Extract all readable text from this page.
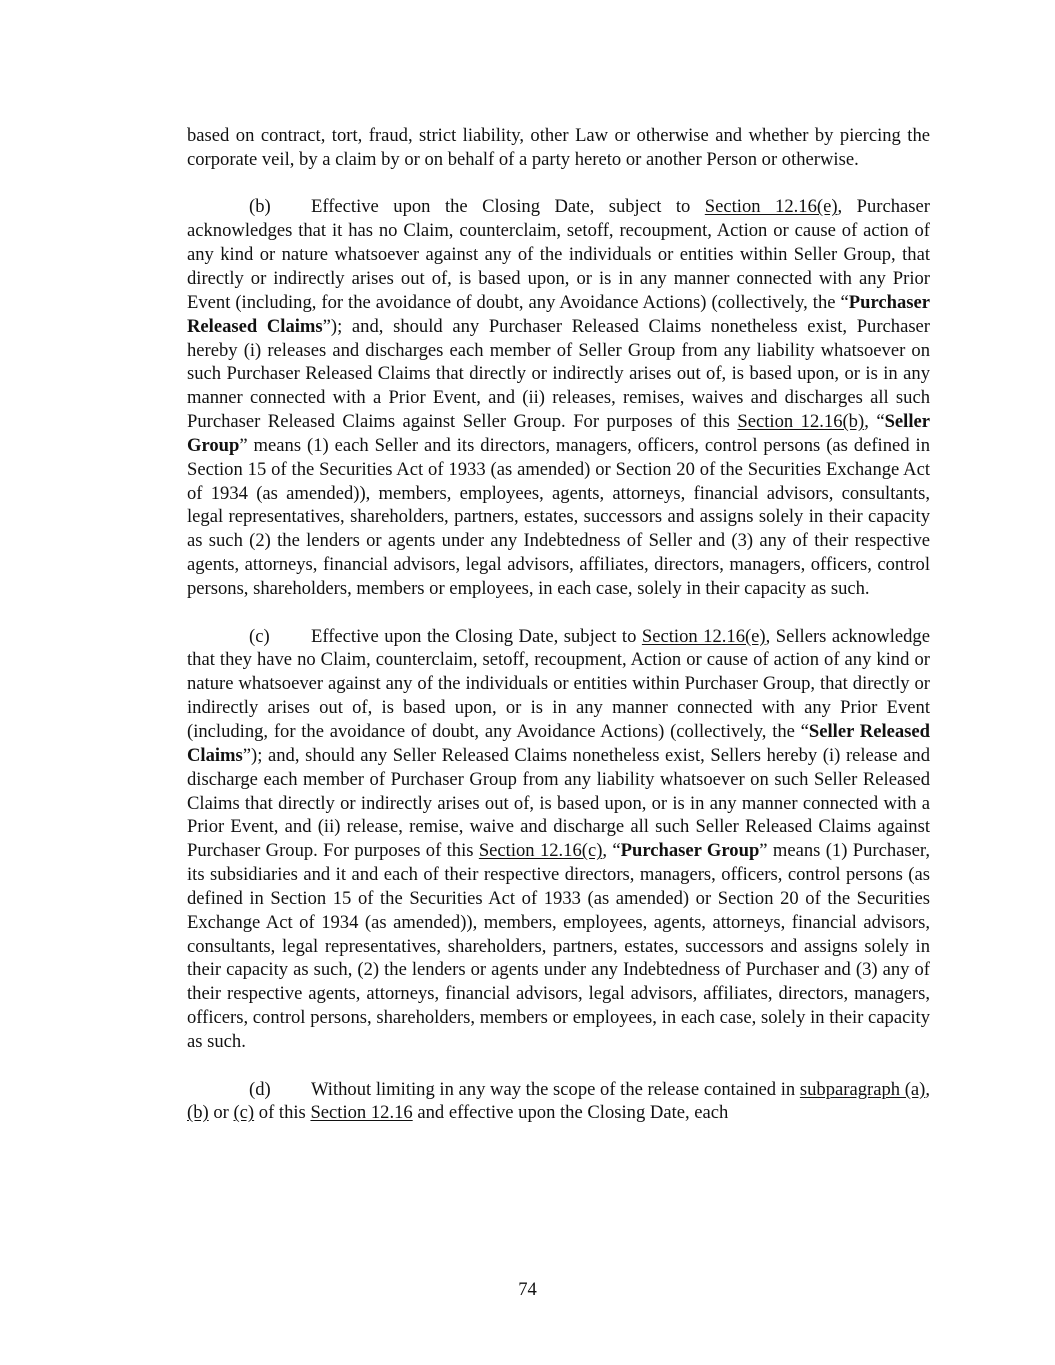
based on contract, tort, fraud, strict liability, other Law or otherwise and whether by piercing the corporate veil, by a claim by or on behalf of a party hereto or another Person or otherwise.

(b) Effective upon the Closing Date, subject to Section 12.16(e), Purchaser acknowledges that it has no Claim, counterclaim, setoff, recoupment, Action or cause of action of any kind or nature whatsoever against any of the individuals or entities within Seller Group, that directly or indirectly arises out of, is based upon, or is in any manner connected with any Prior Event (including, for the avoidance of doubt, any Avoidance Actions) (collectively, the “Purchaser Released Claims”); and, should any Purchaser Released Claims nonetheless exist, Purchaser hereby (i) releases and discharges each member of Seller Group from any liability whatsoever on such Purchaser Released Claims that directly or indirectly arises out of, is based upon, or is in any manner connected with a Prior Event, and (ii) releases, remises, waives and discharges all such Purchaser Released Claims against Seller Group. For purposes of this Section 12.16(b), “Seller Group” means (1) each Seller and its directors, managers, officers, control persons (as defined in Section 15 of the Securities Act of 1933 (as amended) or Section 20 of the Securities Exchange Act of 1934 (as amended)), members, employees, agents, attorneys, financial advisors, consultants, legal representatives, shareholders, partners, estates, successors and assigns solely in their capacity as such (2) the lenders or agents under any Indebtedness of Seller and (3) any of their respective agents, attorneys, financial advisors, legal advisors, affiliates, directors, managers, officers, control persons, shareholders, members or employees, in each case, solely in their capacity as such.

(c) Effective upon the Closing Date, subject to Section 12.16(e), Sellers acknowledge that they have no Claim, counterclaim, setoff, recoupment, Action or cause of action of any kind or nature whatsoever against any of the individuals or entities within Purchaser Group, that directly or indirectly arises out of, is based upon, or is in any manner connected with any Prior Event (including, for the avoidance of doubt, any Avoidance Actions) (collectively, the “Seller Released Claims”); and, should any Seller Released Claims nonetheless exist, Sellers hereby (i) release and discharge each member of Purchaser Group from any liability whatsoever on such Seller Released Claims that directly or indirectly arises out of, is based upon, or is in any manner connected with a Prior Event, and (ii) release, remise, waive and discharge all such Seller Released Claims against Purchaser Group. For purposes of this Section 12.16(c), “Purchaser Group” means (1) Purchaser, its subsidiaries and it and each of their respective directors, managers, officers, control persons (as defined in Section 15 of the Securities Act of 1933 (as amended) or Section 20 of the Securities Exchange Act of 1934 (as amended)), members, employees, agents, attorneys, financial advisors, consultants, legal representatives, shareholders, partners, estates, successors and assigns solely in their capacity as such, (2) the lenders or agents under any Indebtedness of Purchaser and (3) any of their respective agents, attorneys, financial advisors, legal advisors, affiliates, directors, managers, officers, control persons, shareholders, members or employees, in each case, solely in their capacity as such.

(d) Without limiting in any way the scope of the release contained in subparagraph (a), (b) or (c) of this Section 12.16 and effective upon the Closing Date, each

74
